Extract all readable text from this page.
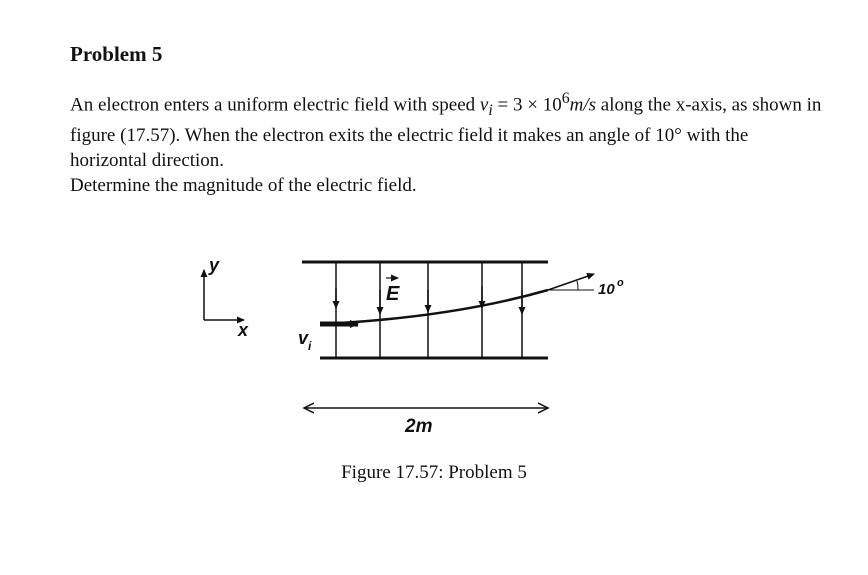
Problem 5
An electron enters a uniform electric field with speed $v_i = 3 \times 10^6m/s$ along the x-axis, as shown in figure (17.57). When the electron exits the electric field it makes an angle of 10° with the horizontal direction.
Determine the magnitude of the electric field.
y
x
E
v i
10 o
2m
Figure 17.57: Problem 5
